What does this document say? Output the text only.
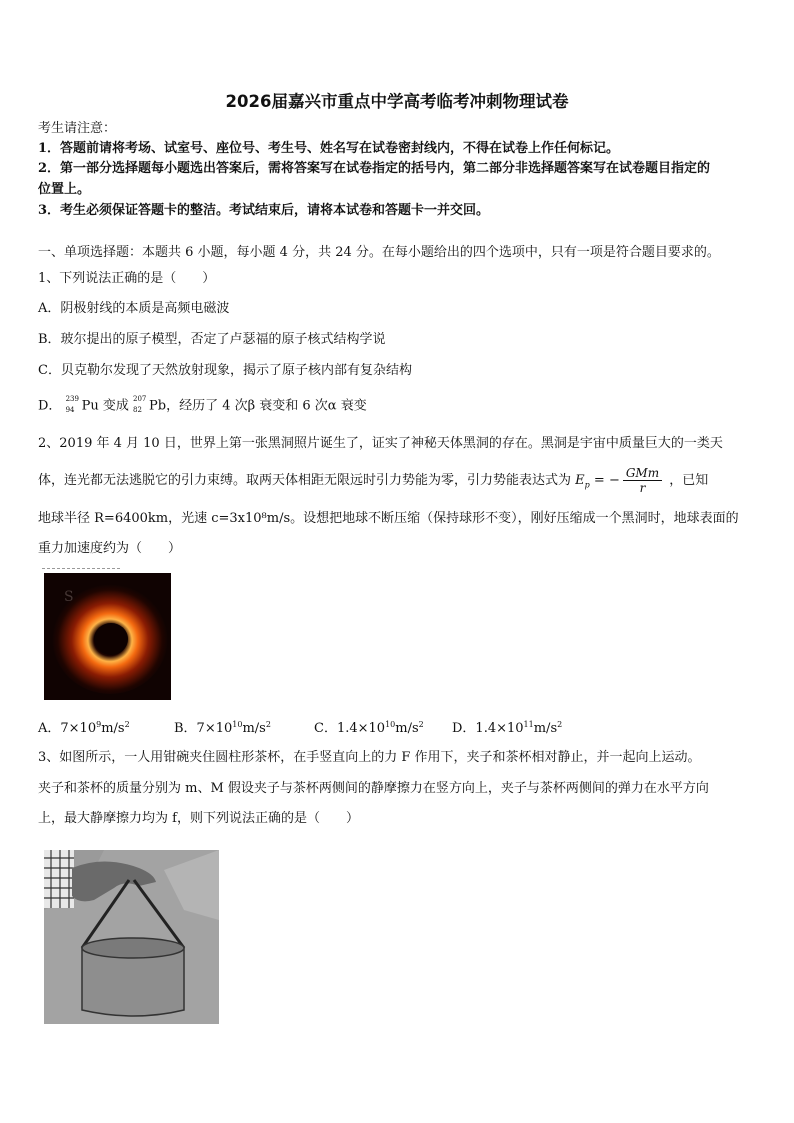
2026届嘉兴市重点中学高考临考冲刺物理试卷
考生请注意：
1．答题前请将考场、试室号、座位号、考生号、姓名写在试卷密封线内，不得在试卷上作任何标记。
2．第一部分选择题每小题选出答案后，需将答案写在试卷指定的括号内，第二部分非选择题答案写在试卷题目指定的
位置上。
3．考生必须保证答题卡的整洁。考试结束后，请将本试卷和答题卡一并交回。
一、单项选择题：本题共 6 小题，每小题 4 分，共 24 分。在每小题给出的四个选项中，只有一项是符合题目要求的。
1、下列说法正确的是（　　）
A．阴极射线的本质是高频电磁波
B．玻尔提出的原子模型，否定了卢瑟福的原子核式结构学说
C．贝克勒尔发现了天然放射现象，揭示了原子核内部有复杂结构
D． 239
94 Pu 变成 207
82 Pb，经历了 4 次β 衰变和 6 次α 衰变
2、2019 年 4 月 10 日，世界上第一张黑洞照片诞生了，证实了神秘天体黑洞的存在。黑洞是宇宙中质量巨大的一类天
体，连光都无法逃脱它的引力束缚。取两天体相距无限远时引力势能为零，引力势能表达式为 $E_p$ = − $\frac{\text{GMm}}{r}$ ，已知
地球半径 R=6400km，光速 c=3x10⁸m/s。设想把地球不断压缩（保持球形不变），刚好压缩成一个黑洞时，地球表面的
重力加速度约为（　　）
S
A．$7\times 10^9m/s^2$	B．$7\times 10^{10}m/s^2$	C．$1.4\times 10^{10}m/s^2$ D．$1.4\times 10^{11}m/s^2$
3、如图所示，一人用钳碗夹住圆柱形茶杯，在手竖直向上的力 F 作用下，夹子和茶杯相对静止，并一起向上运动。
夹子和茶杯的质量分别为 m、M 假设夹子与茶杯两侧间的静摩擦力在竖方向上，夹子与茶杯两侧间的弹力在水平方向
上，最大静摩擦力均为 f，则下列说法正确的是（　　）
